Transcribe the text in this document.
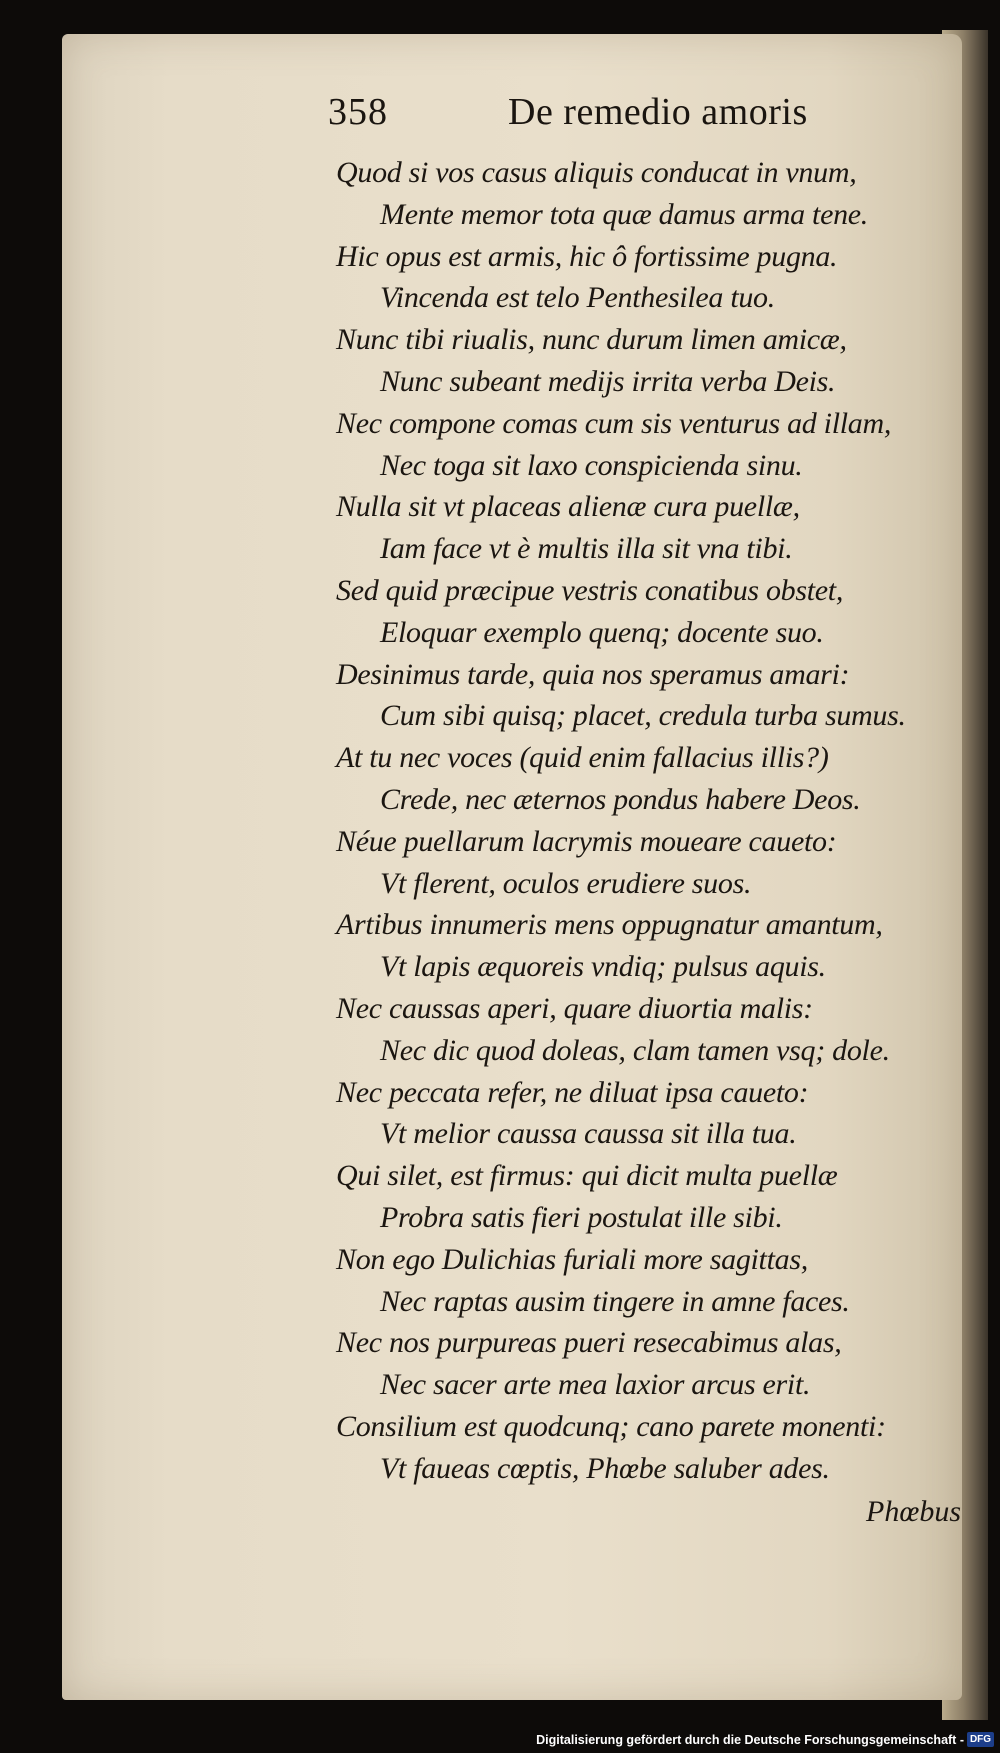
358	De remedio amoris
Quod si vos casus aliquis conducat in vnum,
Mente memor tota quæ damus arma tene.
Hic opus est armis, hic ô fortissime pugna.
Vincenda est telo Penthesilea tuo.
Nunc tibi riualis, nunc durum limen amicæ,
Nunc subeant medijs irrita verba Deis.
Nec compone comas cum sis venturus ad illam,
Nec toga sit laxo conspicienda sinu.
Nulla sit vt placeas alienæ cura puellæ,
Iam face vt è multis illa sit vna tibi.
Sed quid præcipue vestris conatibus obstet,
Eloquar exemplo quenq; docente suo.
Desinimus tarde, quia nos speramus amari:
Cum sibi quisq; placet, credula turba sumus.
At tu nec voces (quid enim fallacius illis?)
Crede, nec æternos pondus habere Deos.
Néue puellarum lacrymis moueare caueto:
Vt flerent, oculos erudiere suos.
Artibus innumeris mens oppugnatur amantum,
Vt lapis æquoreis vndiq; pulsus aquis.
Nec caussas aperi, quare diuortia malis:
Nec dic quod doleas, clam tamen vsq; dole.
Nec peccata refer, ne diluat ipsa caueto:
Vt melior caussa caussa sit illa tua.
Qui silet, est firmus: qui dicit multa puellæ
Probra satis fieri postulat ille sibi.
Non ego Dulichias furiali more sagittas,
Nec raptas ausim tingere in amne faces.
Nec nos purpureas pueri resecabimus alas,
Nec sacer arte mea laxior arcus erit.
Consilium est quodcunq; cano parete monenti:
Vt faueas cœptis, Phœbe saluber ades.
Phœbus
Digitalisierung gefördert durch die Deutsche Forschungsgemeinschaft - DFG
